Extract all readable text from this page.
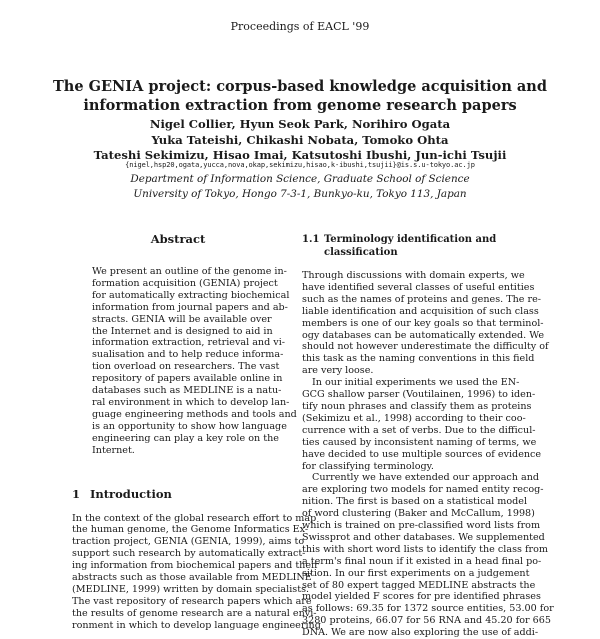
Proceedings of EACL '99
The GENIA project: corpus-based knowledge acquisition and
information extraction from genome research papers
Nigel Collier, Hyun Seok Park, Norihiro Ogata
Yuka Tateishi, Chikashi Nobata, Tomoko Ohta
Tateshi Sekimizu, Hisao Imai, Katsutoshi Ibushi, Jun-ichi Tsujii
{nigel,hsp20,ogata,yucca,nova,okap,sekimizu,hisao,k-ibushi,tsujii}@is.s.u-tokyo.ac.jp
Department of Information Science, Graduate School of Science
University of Tokyo, Hongo 7-3-1, Bunkyo-ku, Tokyo 113, Japan
Abstract
We present an outline of the genome in-
formation acquisition (GENIA) project
for automatically extracting biochemical
information from journal papers and ab-
stracts. GENIA will be available over
the Internet and is designed to aid in
information extraction, retrieval and vi-
sualisation and to help reduce informa-
tion overload on researchers. The vast
repository of papers available online in
databases such as MEDLINE is a natu-
ral environment in which to develop lan-
guage engineering methods and tools and
is an opportunity to show how language
engineering can play a key role on the
Internet.
1 Introduction
In the context of the global research effort to map
the human genome, the Genome Informatics Ex-
traction project, GENIA (GENIA, 1999), aims to
support such research by automatically extract-
ing information from biochemical papers and their
abstracts such as those available from MEDLINE
(MEDLINE, 1999) written by domain specialists.
The vast repository of research papers which are
the results of genome research are a natural envi-
ronment in which to develop language engineering
1.1 Terminology identification and
classification
Through discussions with domain experts, we
have identified several classes of useful entities
such as the names of proteins and genes. The re-
liable identification and acquisition of such class
members is one of our key goals so that terminol-
ogy databases can be automatically extended. We
should not however underestimate the difficulty of
this task as the naming conventions in this field
are very loose.
In our initial experiments we used the EN-
GCG shallow parser (Voutilainen, 1996) to iden-
tify noun phrases and classify them as proteins
(Sekimizu et al., 1998) according to their coo-
currence with a set of verbs. Due to the difficul-
ties caused by inconsistent naming of terms, we
have decided to use multiple sources of evidence
for classifying terminology.
Currently we have extended our approach and
are exploring two models for named entity recog-
nition. The first is based on a statistical model
of word clustering (Baker and McCallum, 1998)
which is trained on pre-classified word lists from
Swissprot and other databases. We supplemented
this with short word lists to identify the class from
a term's final noun if it existed in a head final po-
sition. In our first experiments on a judgement
set of 80 expert tagged MEDLINE abstracts the
model yielded F scores for pre identified phrases
as follows: 69.35 for 1372 source entities, 53.00 for
3280 proteins, 66.07 for 56 RNA and 45.20 for 665
DNA. We are now also exploring the use of addi-
